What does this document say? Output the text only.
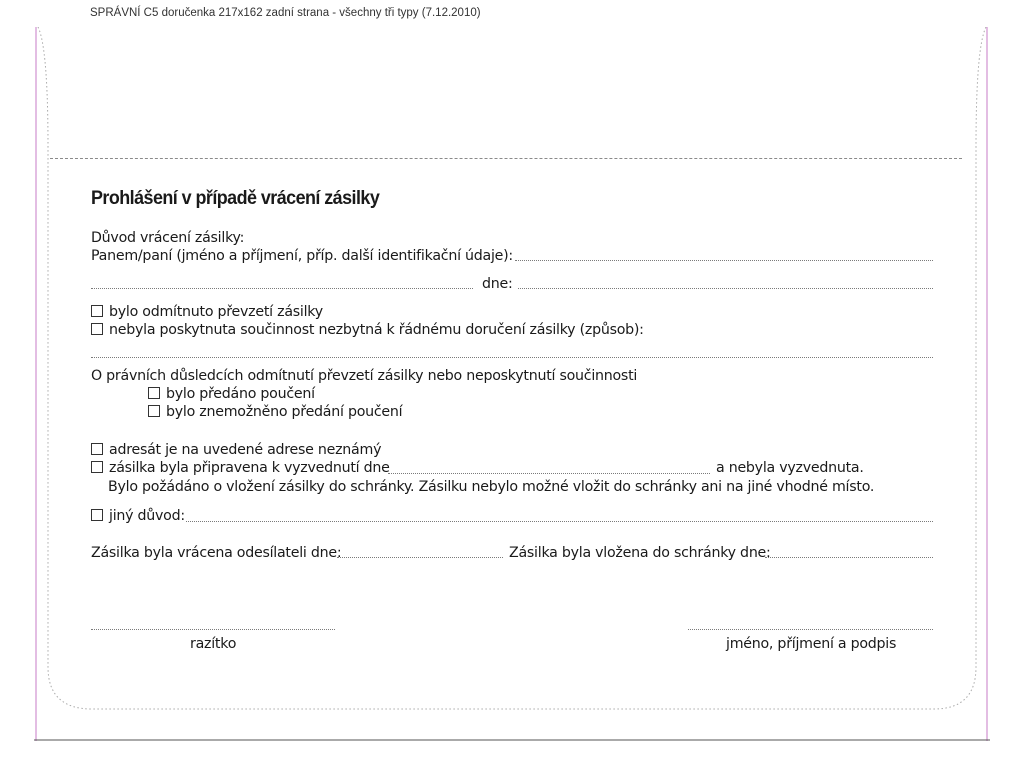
SPRÁVNÍ C5 doručenka 217x162 zadní strana - všechny tři typy (7.12.2010)
Prohlášení v případě vrácení zásilky
Důvod vrácení zásilky:
Panem/paní (jméno a příjmení, příp. další identifikační údaje):
dne:
bylo odmítnuto převzetí zásilky
nebyla poskytnuta součinnost nezbytná k řádnému doručení zásilky (způsob):
O právních důsledcích odmítnutí převzetí zásilky nebo neposkytnutí součinnosti
bylo předáno poučení
bylo znemožněno předání poučení
adresát je na uvedené adrese neznámý
zásilka byla připravena k vyzvednutí dne	a nebyla vyzvednuta.
Bylo požádáno o vložení zásilky do schránky. Zásilku nebylo možné vložit do schránky ani na jiné vhodné místo.
jiný důvod:
Zásilka byla vrácena odesílateli dne:	Zásilka byla vložena do schránky dne:
razítko	jméno, příjmení a podpis
